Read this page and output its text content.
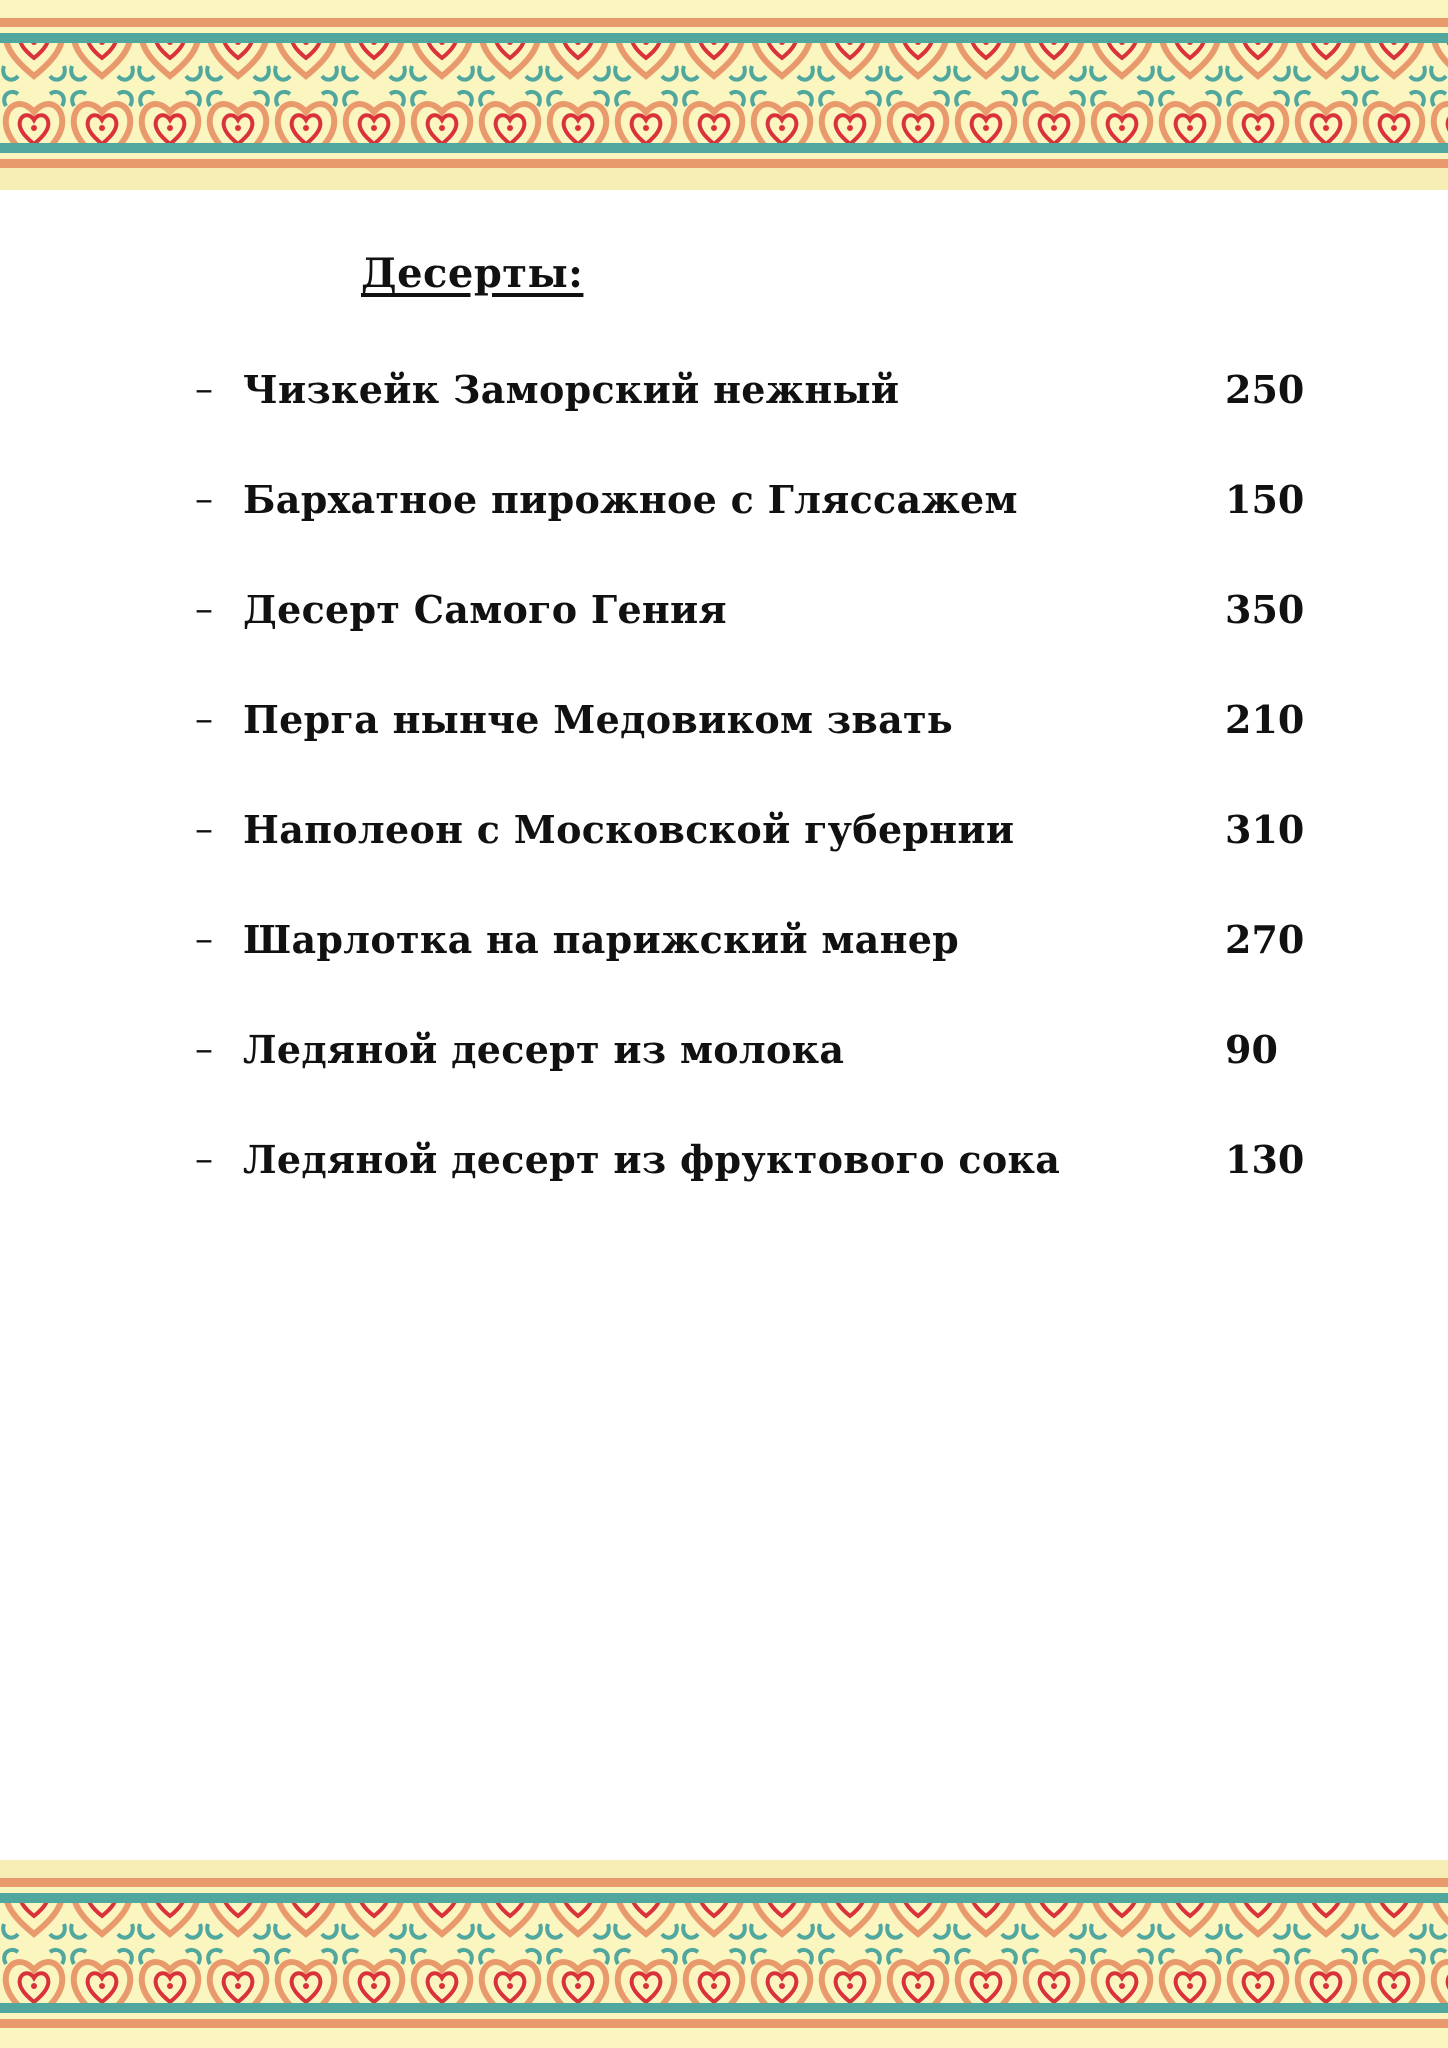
Десерты:
– Чизкейк Заморский нежный	250
– Бархатное пирожное с Гляссажем	150
– Десерт Самого Гения	350
– Перга нынче Медовиком звать	210
– Наполеон с Московской губернии	310
– Шарлотка на парижский манер	270
– Ледяной десерт из молока	90
– Ледяной десерт из фруктового сока	130
